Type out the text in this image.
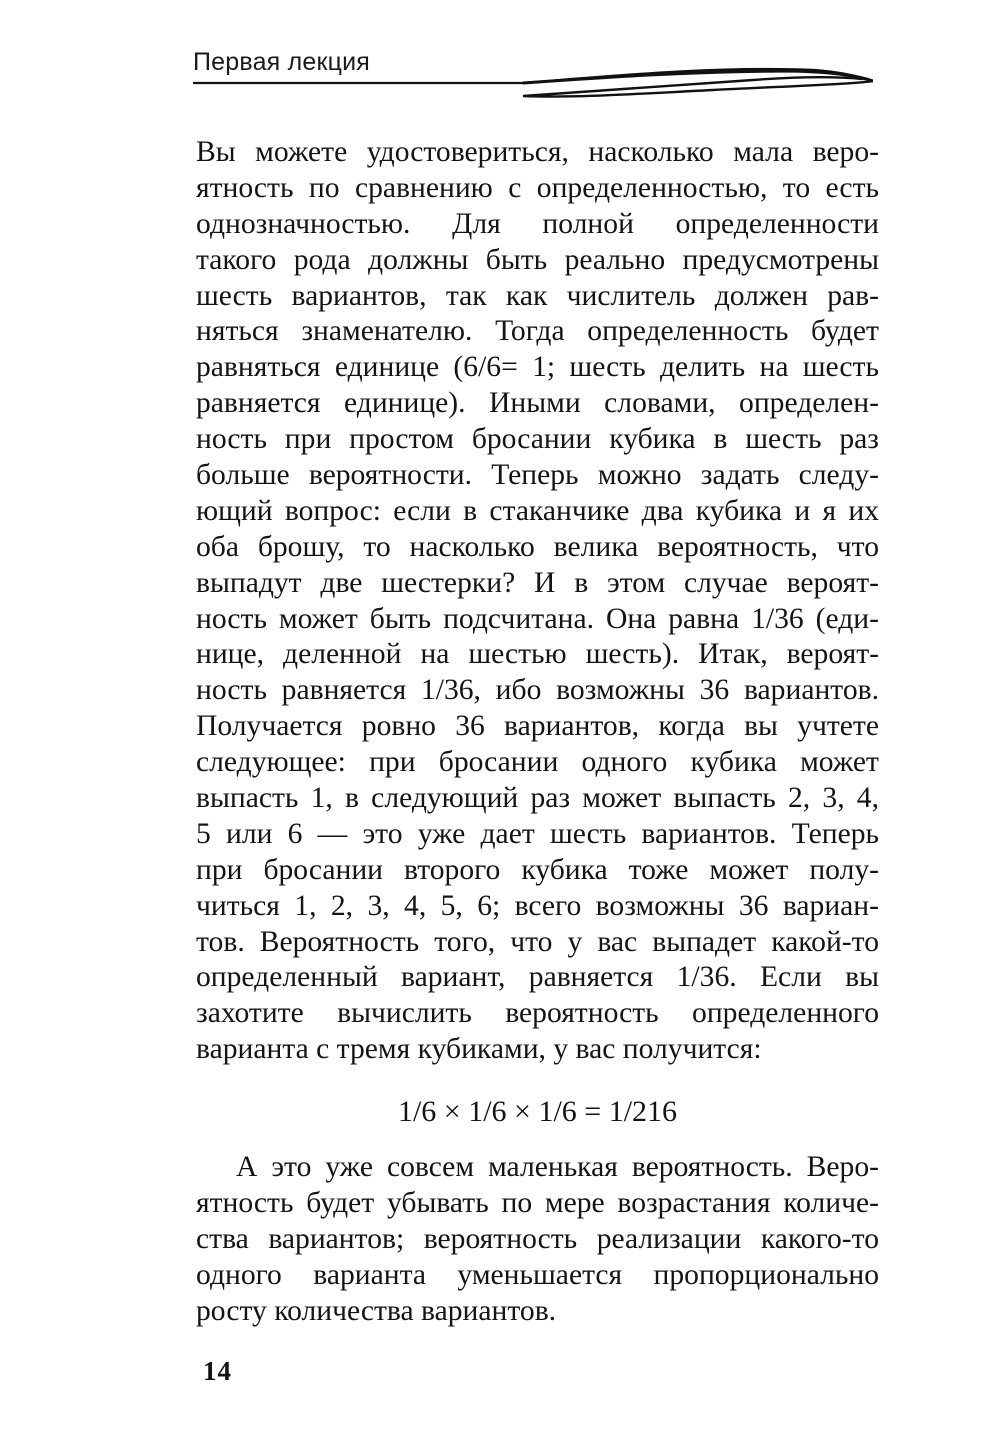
Первая лекция
Вы можете удостовериться, насколько мала веро-
ятность по сравнению с определенностью, то есть
однозначностью. Для полной определенности
такого рода должны быть реально предусмотрены
шесть вариантов, так как числитель должен рав-
няться знаменателю. Тогда определенность будет
равняться единице (6/6= 1; шесть делить на шесть
равняется единице). Иными словами, определен-
ность при простом бросании кубика в шесть раз
больше вероятности. Теперь можно задать следу-
ющий вопрос: если в стаканчике два кубика и я их
оба брошу, то насколько велика вероятность, что
выпадут две шестерки? И в этом случае вероят-
ность может быть подсчитана. Она равна 1/36 (еди-
нице, деленной на шестью шесть). Итак, вероят-
ность равняется 1/36, ибо возможны 36 вариантов.
Получается ровно 36 вариантов, когда вы учтете
следующее: при бросании одного кубика может
выпасть 1, в следующий раз может выпасть 2, 3, 4,
5 или 6 — это уже дает шесть вариантов. Теперь
при бросании второго кубика тоже может полу-
читься 1, 2, 3, 4, 5, 6; всего возможны 36 вариан-
тов. Вероятность того, что у вас выпадет какой-то
определенный вариант, равняется 1/36. Если вы
захотите вычислить вероятность определенного
варианта с тремя кубиками, у вас получится:
1/6 × 1/6 × 1/6 = 1/216
А это уже совсем маленькая вероятность. Веро-
ятность будет убывать по мере возрастания количе-
ства вариантов; вероятность реализации какого-то
одного варианта уменьшается пропорционально
росту количества вариантов.
14
